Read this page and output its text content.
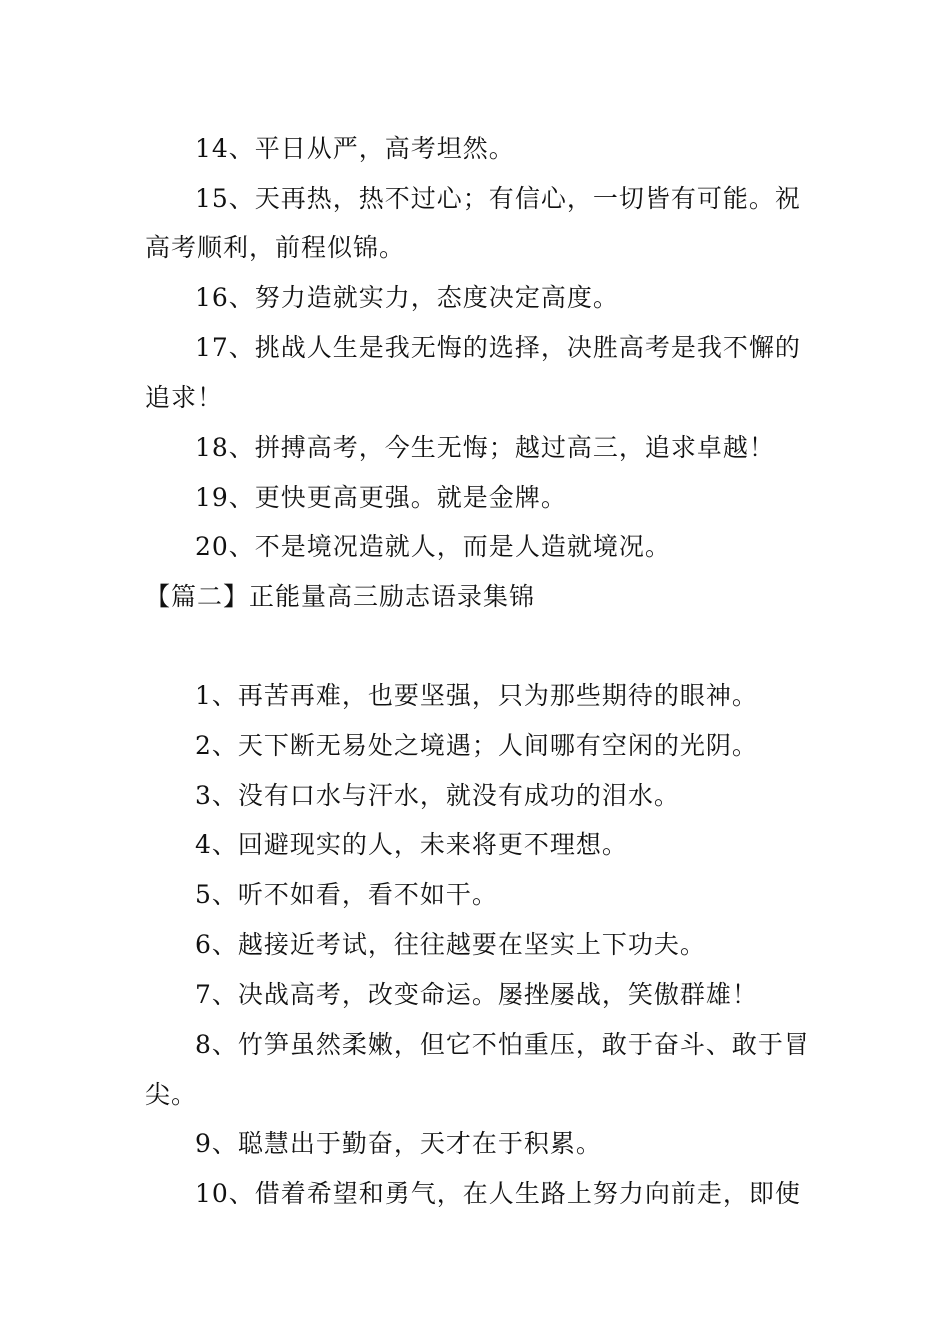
14、平日从严，高考坦然。
15、天再热，热不过心；有信心，一切皆有可能。祝
高考顺利，前程似锦。
16、努力造就实力，态度决定高度。
17、挑战人生是我无悔的选择，决胜高考是我不懈的
追求！
18、拼搏高考，今生无悔；越过高三，追求卓越！
19、更快更高更强。就是金牌。
20、不是境况造就人，而是人造就境况。
【篇二】正能量高三励志语录集锦
1、再苦再难，也要坚强，只为那些期待的眼神。
2、天下断无易处之境遇；人间哪有空闲的光阴。
3、没有口水与汗水，就没有成功的泪水。
4、回避现实的人，未来将更不理想。
5、听不如看，看不如干。
6、越接近考试，往往越要在坚实上下功夫。
7、决战高考，改变命运。屡挫屡战，笑傲群雄！
8、竹笋虽然柔嫩，但它不怕重压，敢于奋斗、敢于冒
尖。
9、聪慧出于勤奋，天才在于积累。
10、借着希望和勇气，在人生路上努力向前走，即使
